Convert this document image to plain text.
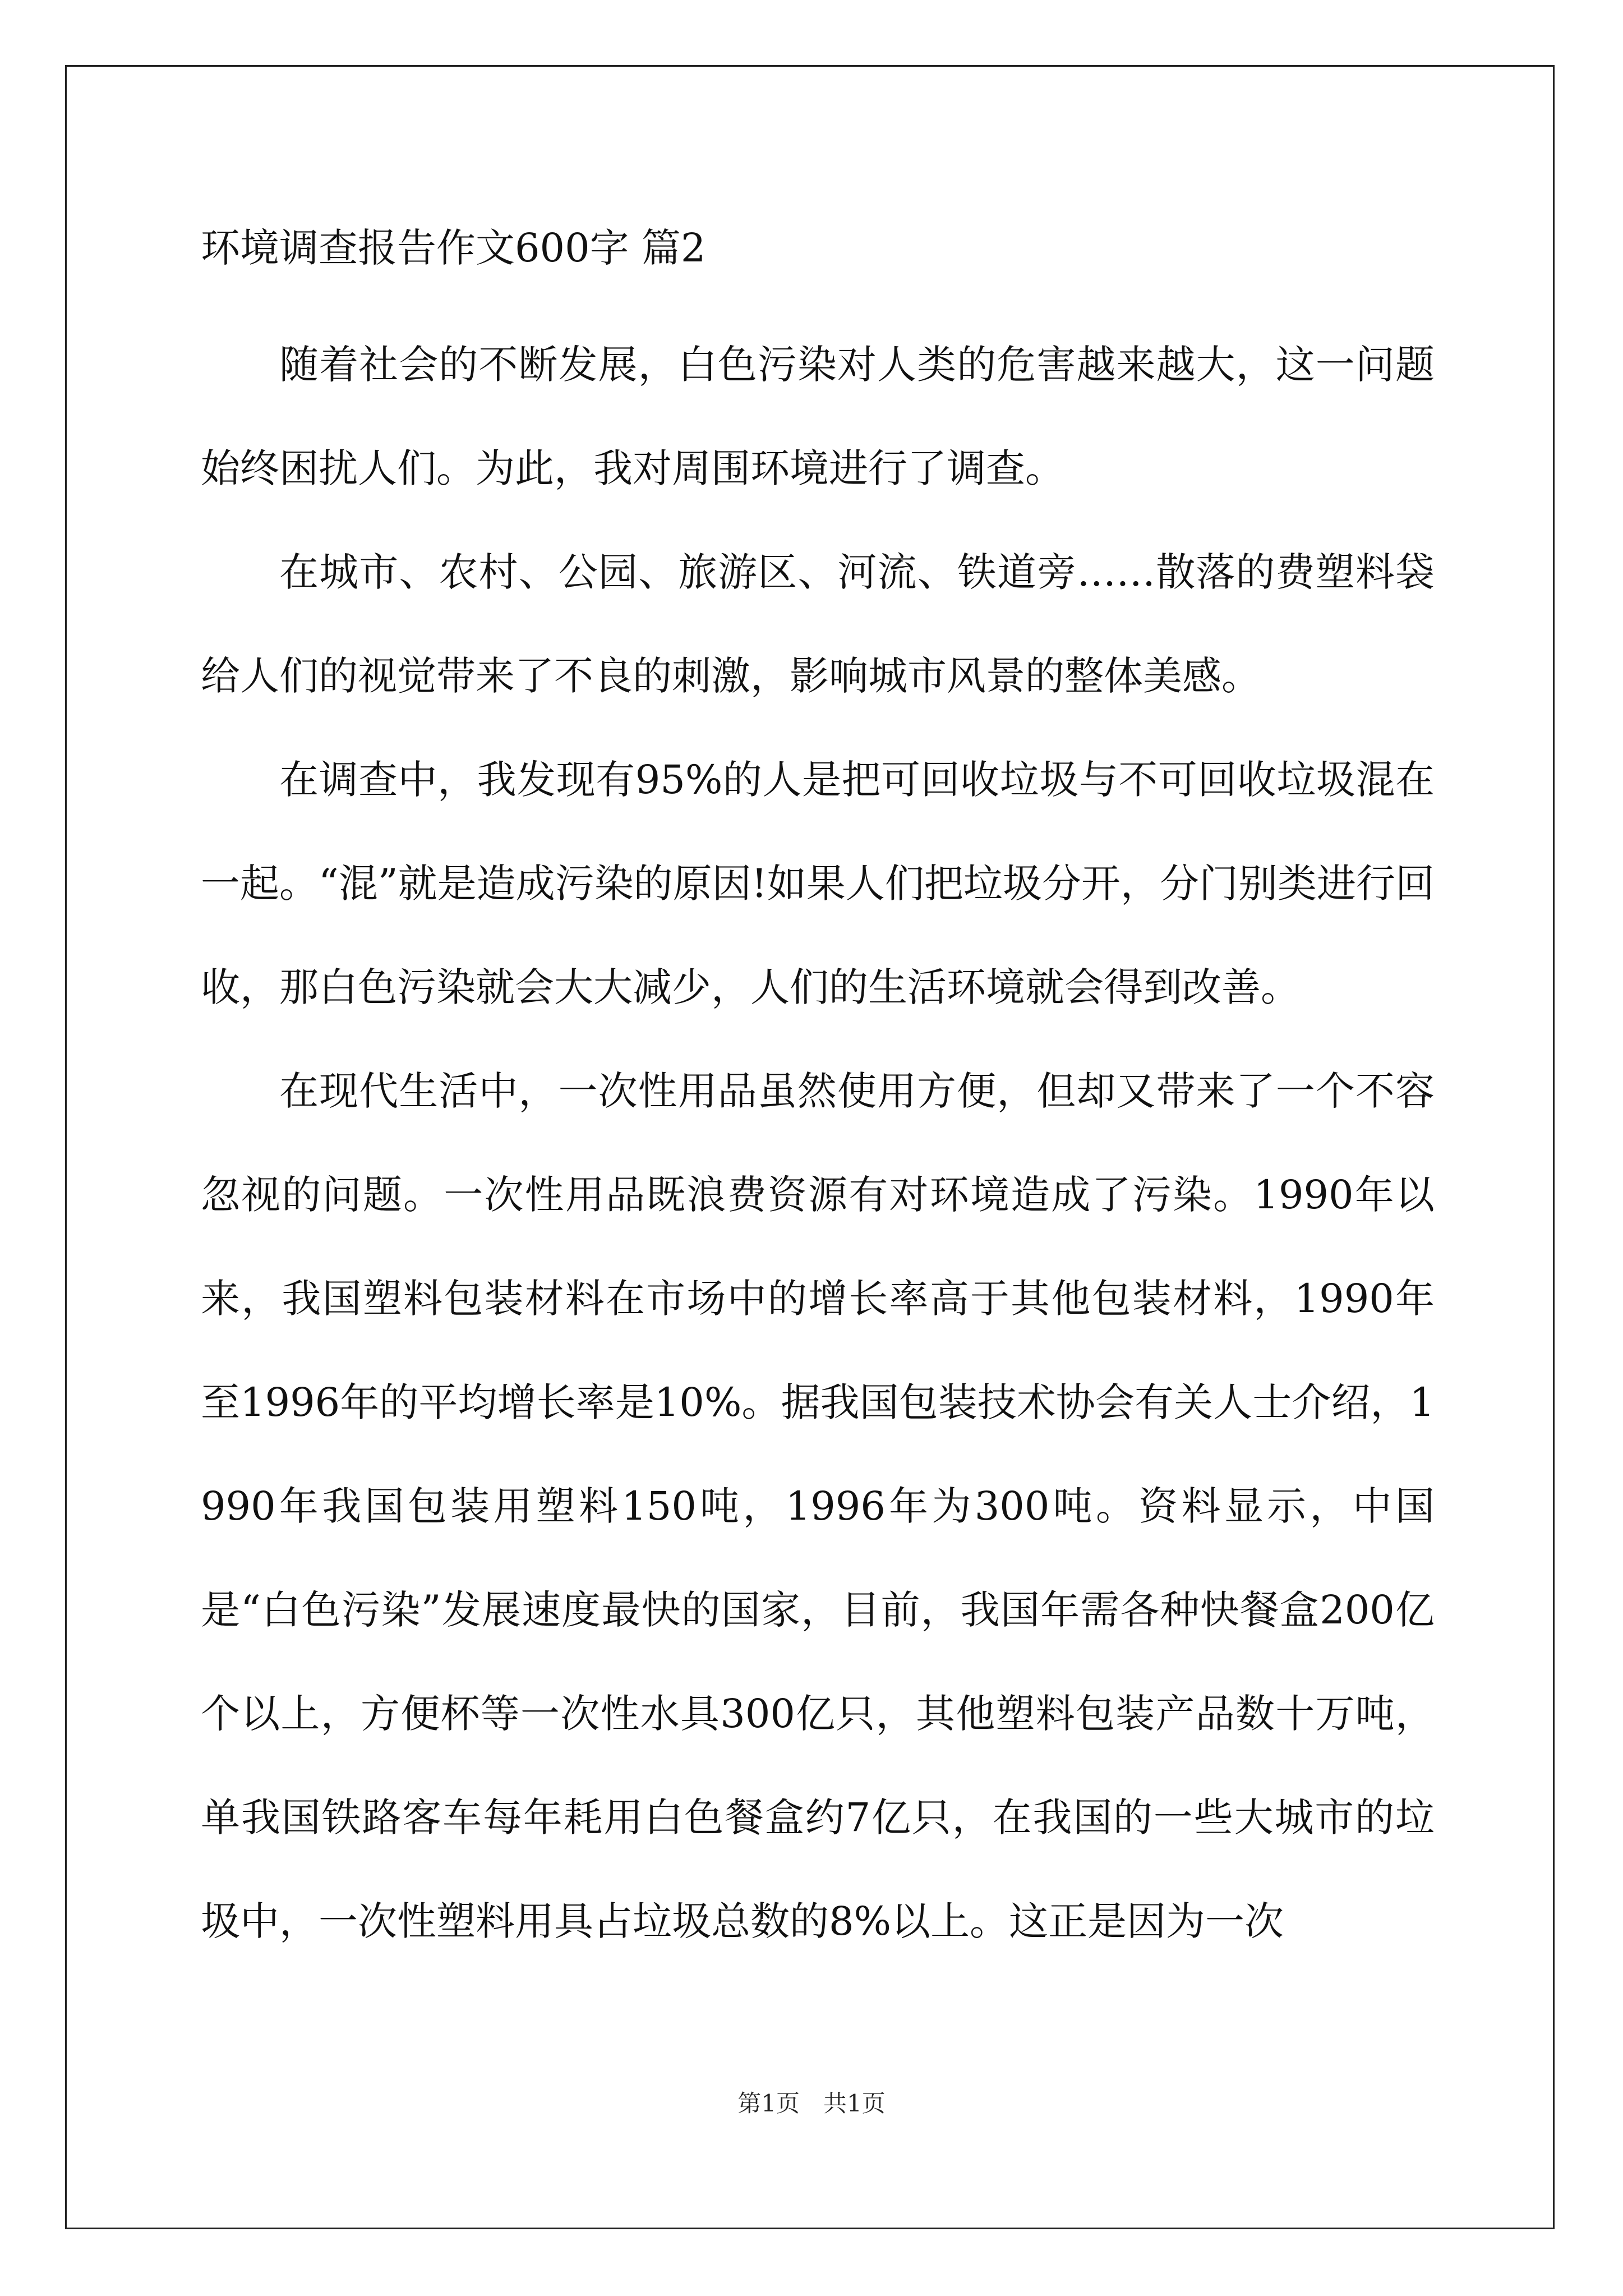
环境调查报告作文600字 篇2

随着社会的不断发展，白色污染对人类的危害越来越大，这一问题始终困扰人们。为此，我对周围环境进行了调查。

在城市、农村、公园、旅游区、河流、铁道旁……散落的费塑料袋给人们的视觉带来了不良的刺激，影响城市风景的整体美感。

在调查中，我发现有95%的人是把可回收垃圾与不可回收垃圾混在一起。“混”就是造成污染的原因!如果人们把垃圾分开，分门别类进行回收，那白色污染就会大大减少，人们的生活环境就会得到改善。

在现代生活中，一次性用品虽然使用方便，但却又带来了一个不容忽视的问题。一次性用品既浪费资源有对环境造成了污染。1990年以来，我国塑料包装材料在市场中的增长率高于其他包装材料，1990年至1996年的平均增长率是10%。据我国包装技术协会有关人士介绍，1990年我国包装用塑料150吨，1996年为300吨。资料显示，中国是“白色污染”发展速度最快的国家，目前，我国年需各种快餐盒200亿个以上，方便杯等一次性水具300亿只，其他塑料包装产品数十万吨，单我国铁路客车每年耗用白色餐盒约7亿只，在我国的一些大城市的垃圾中，一次性塑料用具占垃圾总数的8%以上。这正是因为一次

第1页　共1页
